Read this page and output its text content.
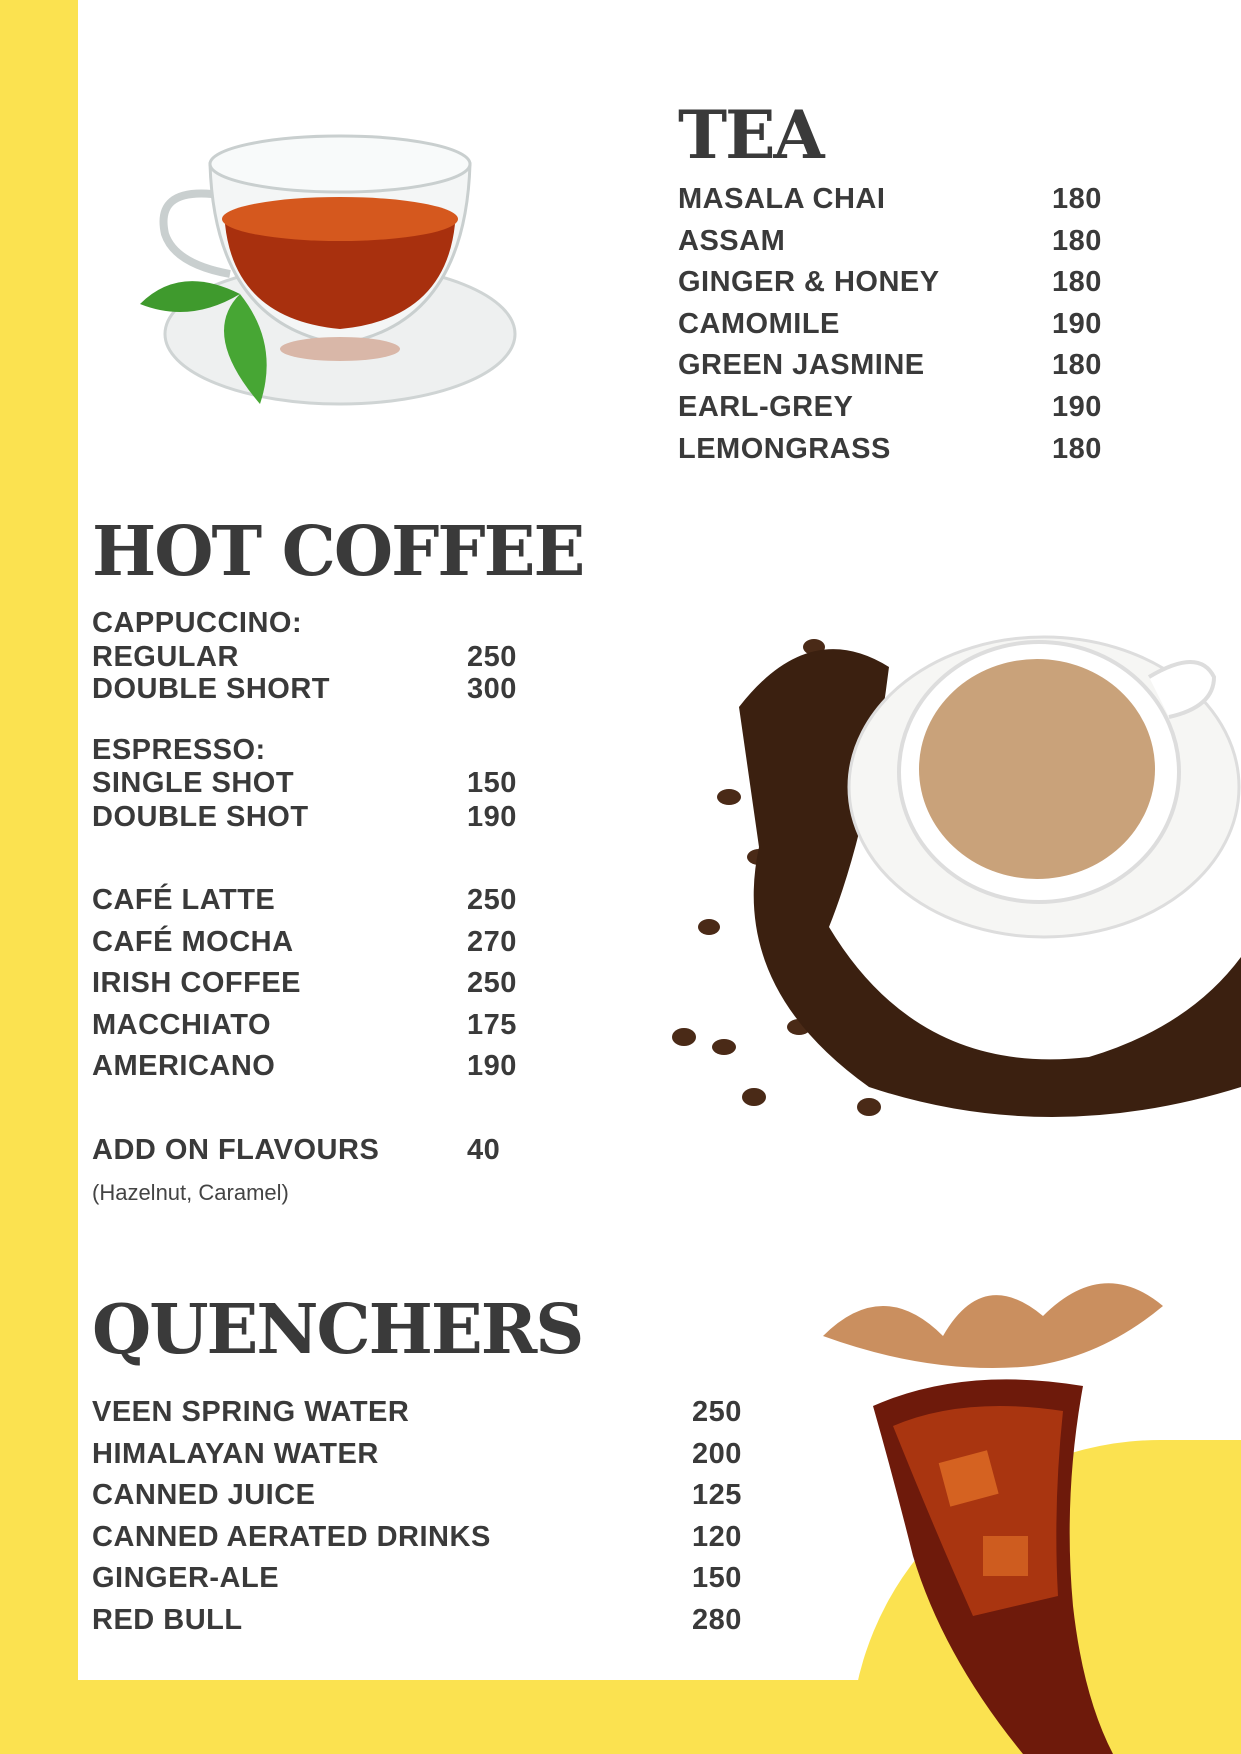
TEA
MASALA CHAI	180
ASSAM	180
GINGER & HONEY	180
CAMOMILE	190
GREEN JASMINE	180
EARL-GREY	190
LEMONGRASS	180
HOT COFFEE
CAPPUCCINO:
REGULAR	250
DOUBLE SHORT	300
ESPRESSO:
SINGLE SHOT	150
DOUBLE SHOT	190
CAFÉ LATTE	250
CAFÉ MOCHA	270
IRISH COFFEE	250
MACCHIATO	175
AMERICANO	190
ADD ON FLAVOURS	40
(Hazelnut, Caramel)
QUENCHERS
VEEN SPRING WATER	250
HIMALAYAN WATER	200
CANNED JUICE	125
CANNED AERATED DRINKS	120
GINGER-ALE	150
RED BULL	280
